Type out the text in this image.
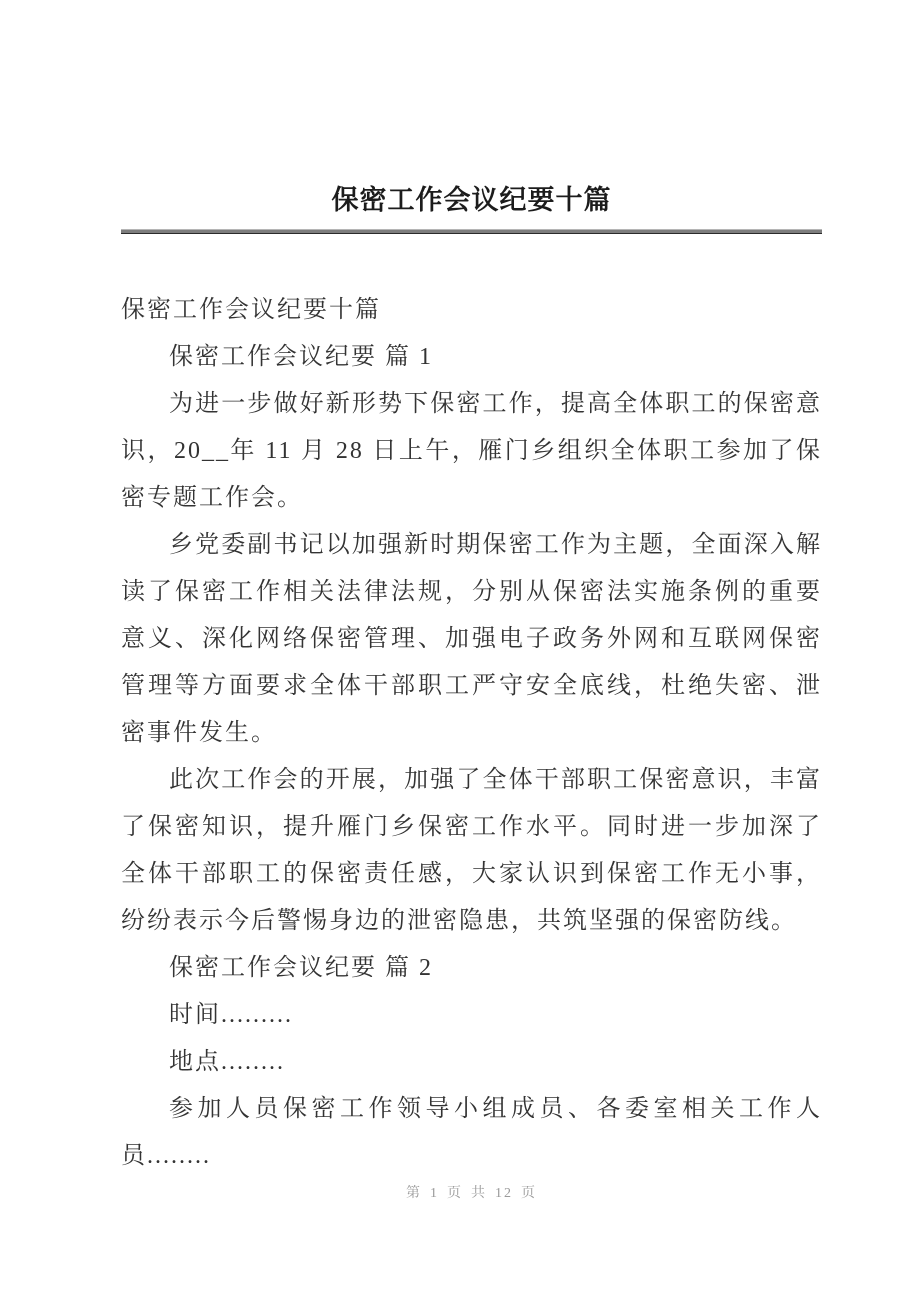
保密工作会议纪要十篇

保密工作会议纪要十篇

保密工作会议纪要 篇 1

为进一步做好新形势下保密工作，提高全体职工的保密意识，20__年 11 月 28 日上午，雁门乡组织全体职工参加了保密专题工作会。

乡党委副书记以加强新时期保密工作为主题，全面深入解读了保密工作相关法律法规，分别从保密法实施条例的重要意义、深化网络保密管理、加强电子政务外网和互联网保密管理等方面要求全体干部职工严守安全底线，杜绝失密、泄密事件发生。

此次工作会的开展，加强了全体干部职工保密意识，丰富了保密知识，提升雁门乡保密工作水平。同时进一步加深了全体干部职工的保密责任感，大家认识到保密工作无小事，纷纷表示今后警惕身边的泄密隐患，共筑坚强的保密防线。

保密工作会议纪要 篇 2

时间.........

地点........

参加人员保密工作领导小组成员、各委室相关工作人员........

第 1 页 共 12 页
